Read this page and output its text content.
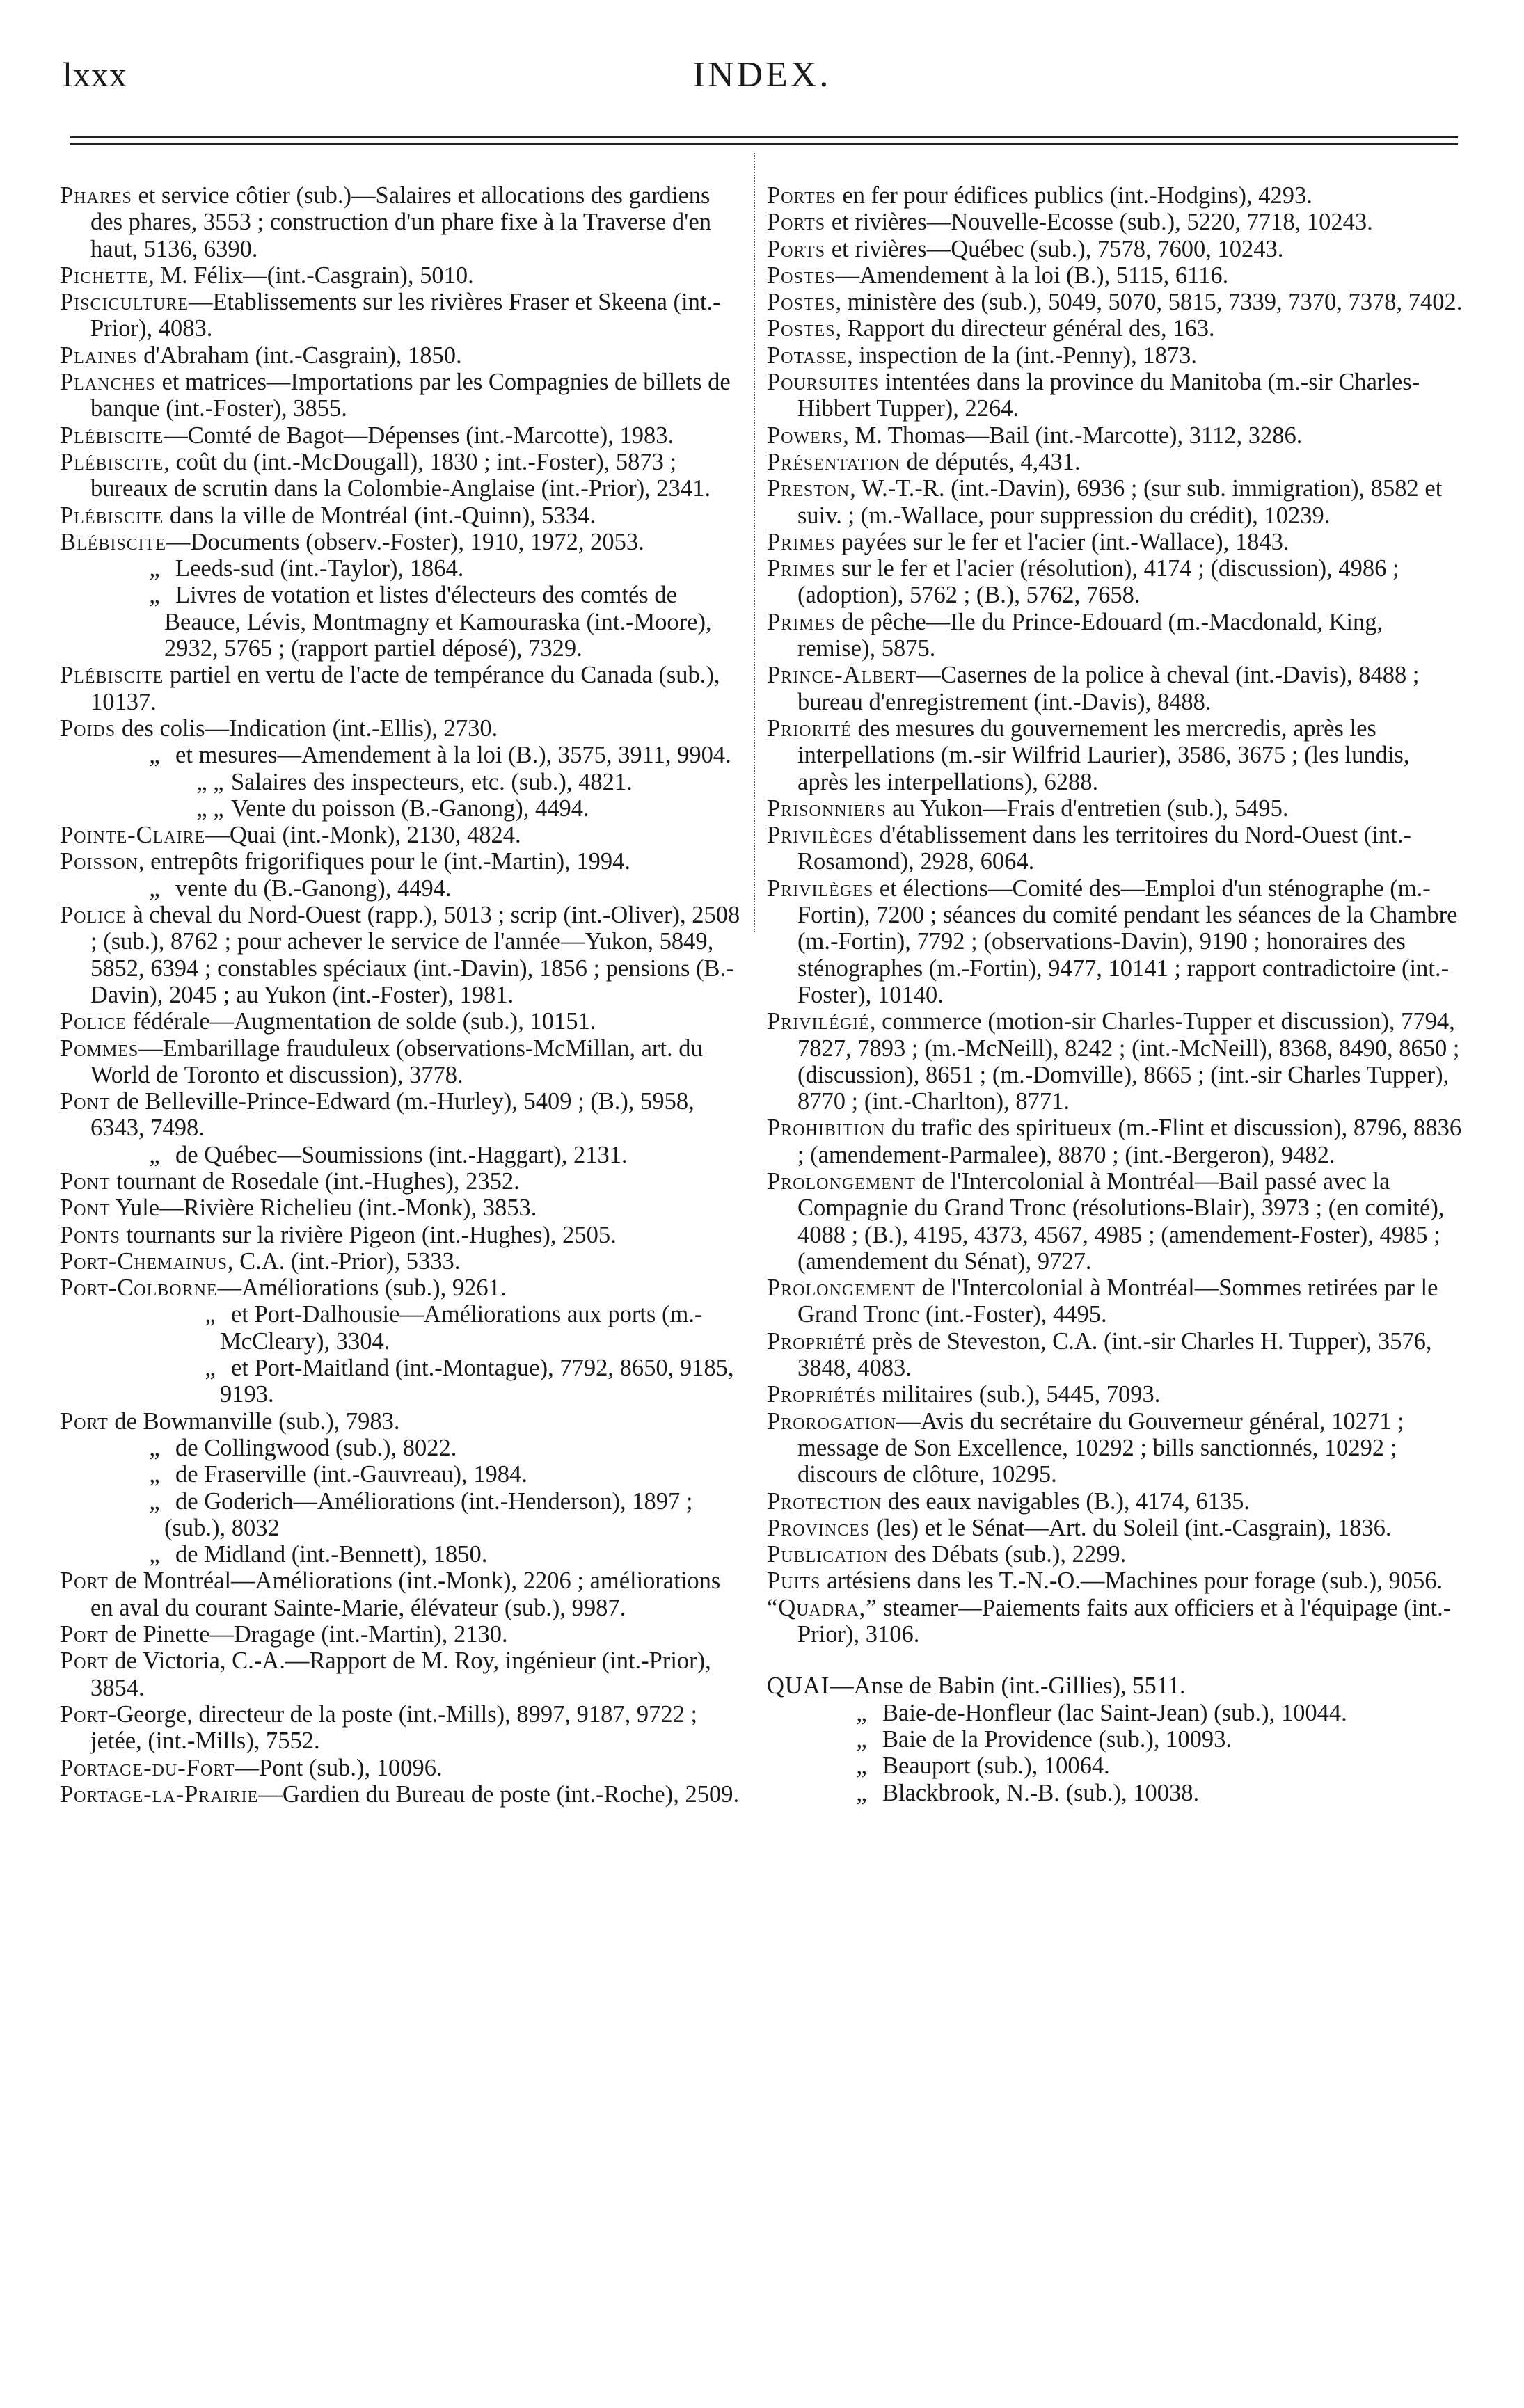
lxxx	INDEX.

Phares et service côtier (sub.)—Salaires et allocations des gardiens des phares, 3553 ; construction d'un phare fixe à la Traverse d'en haut, 5136, 6390.

Pichette, M. Félix—(int.-Casgrain), 5010.

Pisciculture—Etablissements sur les rivières Fraser et Skeena (int.-Prior), 4083.

Plaines d'Abraham (int.-Casgrain), 1850.

Planches et matrices—Importations par les Compagnies de billets de banque (int.-Foster), 3855.

Plébiscite—Comté de Bagot—Dépenses (int.-Marcotte), 1983.

Plébiscite, coût du (int.-McDougall), 1830 ; int.-Foster), 5873 ; bureaux de scrutin dans la Colombie-Anglaise (int.-Prior), 2341.

Plébiscite dans la ville de Montréal (int.-Quinn), 5334.

Blébiscite—Documents (observ.-Foster), 1910, 1972, 2053.

„ Leeds-sud (int.-Taylor), 1864.

„ Livres de votation et listes d'électeurs des comtés de Beauce, Lévis, Montmagny et Kamouraska (int.-Moore), 2932, 5765 ; (rapport partiel déposé), 7329.

Plébiscite partiel en vertu de l'acte de tempérance du Canada (sub.), 10137.

Poids des colis—Indication (int.-Ellis), 2730.

„ et mesures—Amendement à la loi (B.), 3575, 3911, 9904.

„ „ Salaires des inspecteurs, etc. (sub.), 4821.

„ „ Vente du poisson (B.-Ganong), 4494.

Pointe-Claire—Quai (int.-Monk), 2130, 4824.

Poisson, entrepôts frigorifiques pour le (int.-Martin), 1994.

„ vente du (B.-Ganong), 4494.

Police à cheval du Nord-Ouest (rapp.), 5013 ; scrip (int.-Oliver), 2508 ; (sub.), 8762 ; pour achever le service de l'année—Yukon, 5849, 5852, 6394 ; constables spéciaux (int.-Davin), 1856 ; pensions (B.-Davin), 2045 ; au Yukon (int.-Foster), 1981.

Police fédérale—Augmentation de solde (sub.), 10151.

Pommes—Embarillage frauduleux (observations-McMillan, art. du World de Toronto et discussion), 3778.

Pont de Belleville-Prince-Edward (m.-Hurley), 5409 ; (B.), 5958, 6343, 7498.

„ de Québec—Soumissions (int.-Haggart), 2131.

Pont tournant de Rosedale (int.-Hughes), 2352.

Pont Yule—Rivière Richelieu (int.-Monk), 3853.

Ponts tournants sur la rivière Pigeon (int.-Hughes), 2505.

Port-Chemainus, C.A. (int.-Prior), 5333.

Port-Colborne—Améliorations (sub.), 9261.

„ et Port-Dalhousie—Améliorations aux ports (m.-McCleary), 3304.

„ et Port-Maitland (int.-Montague), 7792, 8650, 9185, 9193.

Port de Bowmanville (sub.), 7983.

„ de Collingwood (sub.), 8022.

„ de Fraserville (int.-Gauvreau), 1984.

„ de Goderich—Améliorations (int.-Henderson), 1897 ; (sub.), 8032

„ de Midland (int.-Bennett), 1850.

Port de Montréal—Améliorations (int.-Monk), 2206 ; améliorations en aval du courant Sainte-Marie, élévateur (sub.), 9987.

Port de Pinette—Dragage (int.-Martin), 2130.

Port de Victoria, C.-A.—Rapport de M. Roy, ingénieur (int.-Prior), 3854.

Port-George, directeur de la poste (int.-Mills), 8997, 9187, 9722 ; jetée, (int.-Mills), 7552.

Portage-du-Fort—Pont (sub.), 10096.

Portage-la-Prairie—Gardien du Bureau de poste (int.-Roche), 2509.

Portes en fer pour édifices publics (int.-Hodgins), 4293.

Ports et rivières—Nouvelle-Ecosse (sub.), 5220, 7718, 10243.

Ports et rivières—Québec (sub.), 7578, 7600, 10243.

Postes—Amendement à la loi (B.), 5115, 6116.

Postes, ministère des (sub.), 5049, 5070, 5815, 7339, 7370, 7378, 7402.

Postes, Rapport du directeur général des, 163.

Potasse, inspection de la (int.-Penny), 1873.

Poursuites intentées dans la province du Manitoba (m.-sir Charles-Hibbert Tupper), 2264.

Powers, M. Thomas—Bail (int.-Marcotte), 3112, 3286.

Présentation de députés, 4,431.

Preston, W.-T.-R. (int.-Davin), 6936 ; (sur sub. immigration), 8582 et suiv. ; (m.-Wallace, pour suppression du crédit), 10239.

Primes payées sur le fer et l'acier (int.-Wallace), 1843.

Primes sur le fer et l'acier (résolution), 4174 ; (discussion), 4986 ; (adoption), 5762 ; (B.), 5762, 7658.

Primes de pêche—Ile du Prince-Edouard (m.-Macdonald, King, remise), 5875.

Prince-Albert—Casernes de la police à cheval (int.-Davis), 8488 ; bureau d'enregistrement (int.-Davis), 8488.

Priorité des mesures du gouvernement les mercredis, après les interpellations (m.-sir Wilfrid Laurier), 3586, 3675 ; (les lundis, après les interpellations), 6288.

Prisonniers au Yukon—Frais d'entretien (sub.), 5495.

Privilèges d'établissement dans les territoires du Nord-Ouest (int.-Rosamond), 2928, 6064.

Privilèges et élections—Comité des—Emploi d'un sténographe (m.-Fortin), 7200 ; séances du comité pendant les séances de la Chambre (m.-Fortin), 7792 ; (observations-Davin), 9190 ; honoraires des sténographes (m.-Fortin), 9477, 10141 ; rapport contradictoire (int.-Foster), 10140.

Privilégié, commerce (motion-sir Charles-Tupper et discussion), 7794, 7827, 7893 ; (m.-McNeill), 8242 ; (int.-McNeill), 8368, 8490, 8650 ; (discussion), 8651 ; (m.-Domville), 8665 ; (int.-sir Charles Tupper), 8770 ; (int.-Charlton), 8771.

Prohibition du trafic des spiritueux (m.-Flint et discussion), 8796, 8836 ; (amendement-Parmalee), 8870 ; (int.-Bergeron), 9482.

Prolongement de l'Intercolonial à Montréal—Bail passé avec la Compagnie du Grand Tronc (résolutions-Blair), 3973 ; (en comité), 4088 ; (B.), 4195, 4373, 4567, 4985 ; (amendement-Foster), 4985 ; (amendement du Sénat), 9727.

Prolongement de l'Intercolonial à Montréal—Sommes retirées par le Grand Tronc (int.-Foster), 4495.

Propriété près de Steveston, C.A. (int.-sir Charles H. Tupper), 3576, 3848, 4083.

Propriétés militaires (sub.), 5445, 7093.

Prorogation—Avis du secrétaire du Gouverneur général, 10271 ; message de Son Excellence, 10292 ; bills sanctionnés, 10292 ; discours de clôture, 10295.

Protection des eaux navigables (B.), 4174, 6135.

Provinces (les) et le Sénat—Art. du Soleil (int.-Casgrain), 1836.

Publication des Débats (sub.), 2299.

Puits artésiens dans les T.-N.-O.—Machines pour forage (sub.), 9056.

“Quadra,” steamer—Paiements faits aux officiers et à l'équipage (int.-Prior), 3106.

QUAI—Anse de Babin (int.-Gillies), 5511.

„ Baie-de-Honfleur (lac Saint-Jean) (sub.), 10044.

„ Baie de la Providence (sub.), 10093.

„ Beauport (sub.), 10064.

„ Blackbrook, N.-B. (sub.), 10038.
